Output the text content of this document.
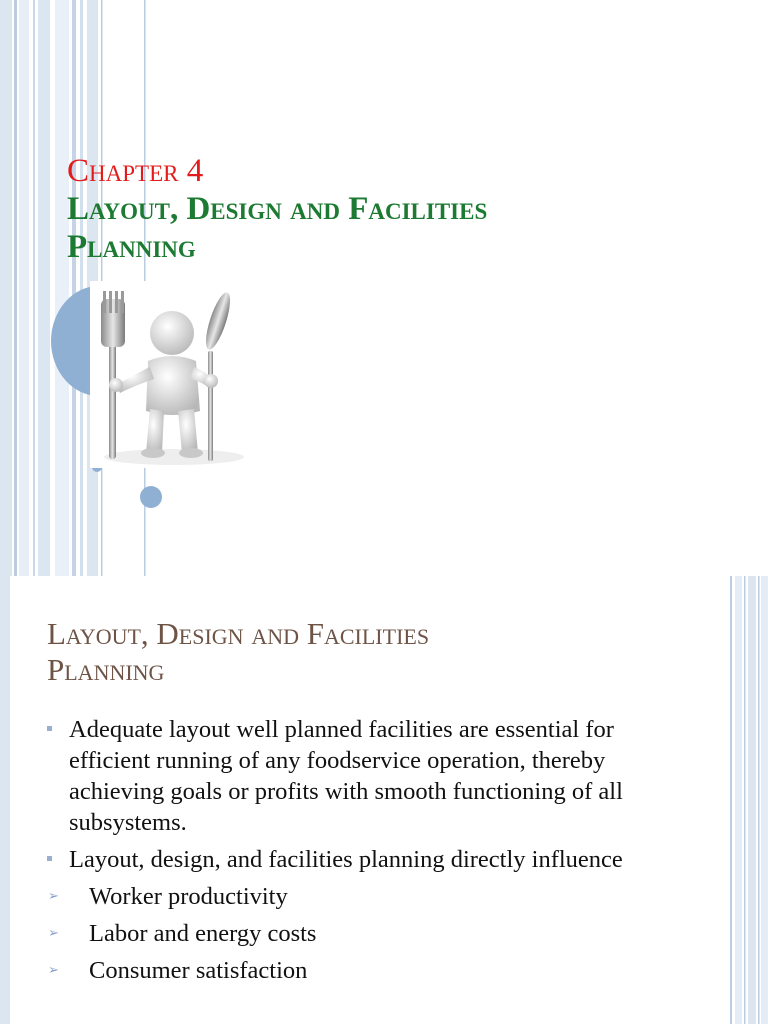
Chapter 4
Layout, Design and Facilities
Planning
Layout, Design and Facilities
Planning
Adequate layout well planned facilities are essential for efficient running of any foodservice operation, thereby achieving goals or profits with smooth functioning of all subsystems.
Layout, design, and facilities planning directly influence
➢ Worker productivity
➢ Labor and energy costs
➢ Consumer satisfaction
